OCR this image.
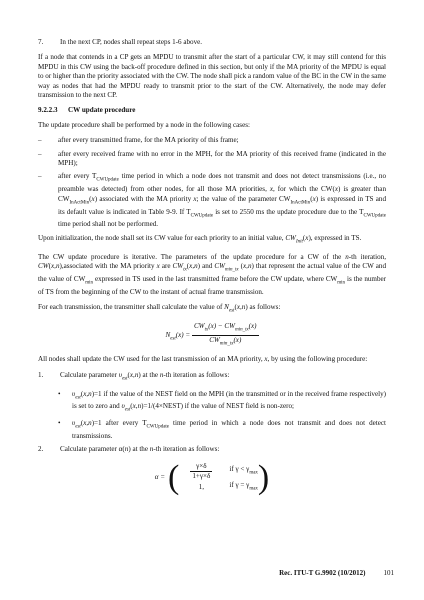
7.	In the next CP, nodes shall repeat steps 1-6 above.

If a node that contends in a CP gets an MPDU to transmit after the start of a particular CW, it may still contend for this MPDU in this CW using the back-off procedure defined in this section, but only if the MA priority of the MPDU is equal to or higher than the priority associated with the CW. The node shall pick a random value of the BC in the CW in the same way as nodes that had the MPDU ready to transmit prior to the start of the CW. Alternatively, the node may defer transmission to the next CP.

9.2.2.3	CW update procedure

The update procedure shall be performed by a node in the following cases:

–	after every transmitted frame, for the MA priority of this frame;
–	after every received frame with no error in the MPH, for the MA priority of this received frame (indicated in the MPH);
–	after every $T_{CWUpdate}$ time period in which a node does not transmit and does not detect transmissions (i.e., no preamble was detected) from other nodes, for all those MA priorities, x, for which the CW(x) is greater than $CW_{InActMin}(x)$ associated with the MA priority x; the value of the parameter $CW_{InActMin}(x)$ is expressed in TS and its default value is indicated in Table 9-9. If $T_{CWUpdate}$ is set to 2550 ms the update procedure due to the $T_{CWUpdate}$ time period shall not be performed.

Upon initialization, the node shall set its CW value for each priority to an initial value, $CW_{Init}(x)$, expressed in TS.

The CW update procedure is iterative. The parameters of the update procedure for a CW of the n-th iteration, CW(x,n),associated with the MA priority x are $CW_{tx}(x,n)$ and $CW_{min\_tx}$ (x,n) that represent the actual value of the CW and the value of $CW_{min}$ expressed in TS used in the last transmitted frame before the CW update, where $CW_{min}$ is the number of TS from the beginning of the CW to the instant of actual frame transmission.

For each transmission, the transmitter shall calculate the value of $N_{est}(x,n)$ as follows:

$N_{est}(x) = \frac{CW_{tx}(x) - CW_{min\_tx}(x)}{CW_{min\_tx}(x)}$

All nodes shall update the CW used for the last transmission of an MA priority, x, by using the following procedure:

1.	Calculate parameter $\upsilon_{est}(x,n)$ at the n-th iteration as follows:
•	$\upsilon_{est}(x,n)=1$ if the value of the NEST field on the MPH (in the transmitted or in the received frame respectively) is set to zero and $\upsilon_{est}(x,n)=1/(4\times NEST)$ if the value of NEST field is non-zero;
•	$\upsilon_{est}(x,n)=1$ after every $T_{CWUpdate}$ time period in which a node does not transmit and does not detect transmissions.
2.	Calculate parameter α(n) at the n-th iteration as follows:
α = ( $\frac{\gamma\times\delta}{1+\gamma\times\delta}$	if $\gamma < \gamma_{max}$
1,	if $\gamma = \gamma_{max}$ )
Rec. ITU-T G.9902 (10/2012)	101
